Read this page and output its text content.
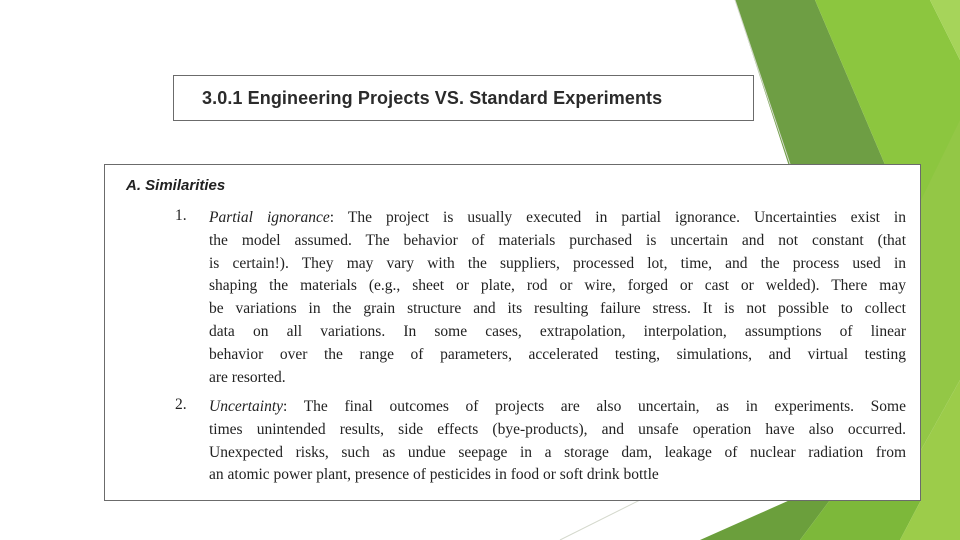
3.0.1 Engineering Projects VS. Standard Experiments
A. Similarities
1. Partial ignorance: The project is usually executed in partial ignorance. Uncertainties exist in
the model assumed. The behavior of materials purchased is uncertain and not constant (that
is certain!). They may vary with the suppliers, processed lot, time, and the process used in
shaping the materials (e.g., sheet or plate, rod or wire, forged or cast or welded). There may
be variations in the grain structure and its resulting failure stress. It is not possible to collect
data on all variations. In some cases, extrapolation, interpolation, assumptions of linear
behavior over the range of parameters, accelerated testing, simulations, and virtual testing
are resorted.
2. Uncertainty: The final outcomes of projects are also uncertain, as in experiments. Some
times unintended results, side effects (bye-products), and unsafe operation have also occurred.
Unexpected risks, such as undue seepage in a storage dam, leakage of nuclear radiation from
an atomic power plant, presence of pesticides in food or soft drink bottle
